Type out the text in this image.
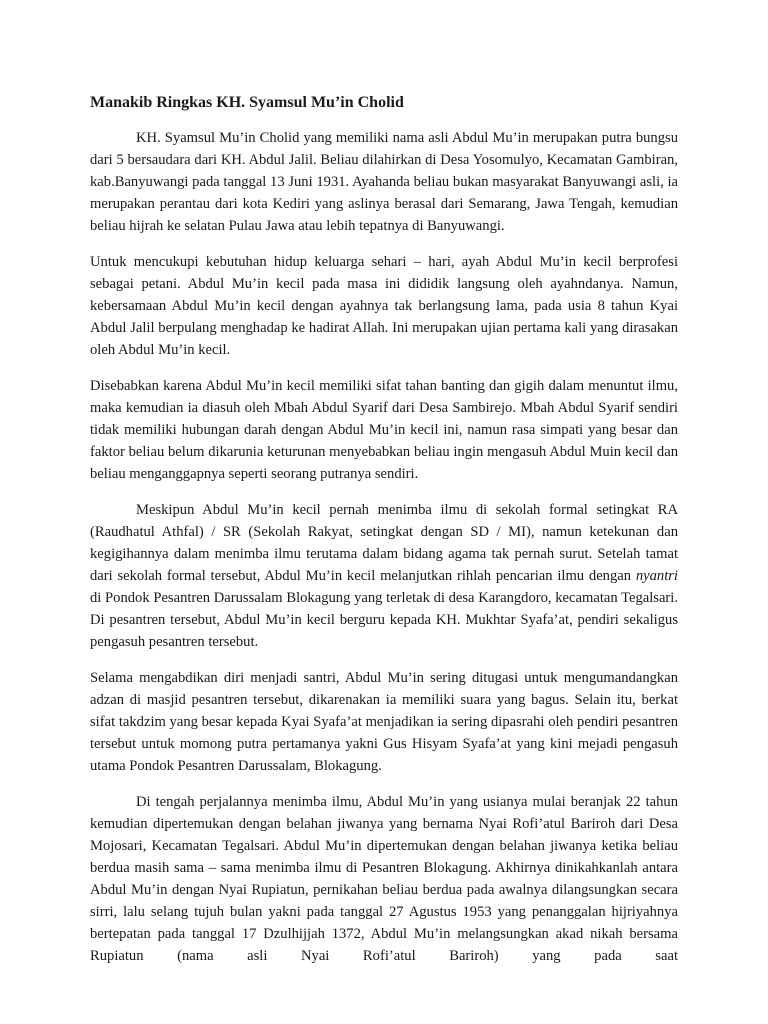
Manakib Ringkas KH. Syamsul Mu’in Cholid

KH. Syamsul Mu’in Cholid yang memiliki nama asli Abdul Mu’in merupakan putra bungsu dari 5 bersaudara dari KH. Abdul Jalil. Beliau dilahirkan di Desa Yosomulyo, Kecamatan Gambiran, kab.Banyuwangi pada tanggal 13 Juni 1931. Ayahanda beliau bukan masyarakat Banyuwangi asli, ia merupakan perantau dari kota Kediri yang aslinya berasal dari Semarang, Jawa Tengah, kemudian beliau hijrah ke selatan Pulau Jawa atau lebih tepatnya di Banyuwangi.

Untuk mencukupi kebutuhan hidup keluarga sehari – hari, ayah Abdul Mu’in kecil berprofesi sebagai petani. Abdul Mu’in kecil pada masa ini dididik langsung oleh ayahndanya. Namun, kebersamaan Abdul Mu’in kecil dengan ayahnya tak berlangsung lama, pada usia 8 tahun Kyai Abdul Jalil berpulang menghadap ke hadirat Allah. Ini merupakan ujian pertama kali yang dirasakan oleh Abdul Mu’in kecil.

Disebabkan karena Abdul Mu’in kecil memiliki sifat tahan banting dan gigih dalam menuntut ilmu, maka kemudian ia diasuh oleh Mbah Abdul Syarif dari Desa Sambirejo. Mbah Abdul Syarif sendiri tidak memiliki hubungan darah dengan Abdul Mu’in kecil ini, namun rasa simpati yang besar dan faktor beliau belum dikarunia keturunan menyebabkan beliau ingin mengasuh Abdul Muin kecil dan beliau menganggapnya seperti seorang putranya sendiri.

Meskipun Abdul Mu’in kecil pernah menimba ilmu di sekolah formal setingkat RA (Raudhatul Athfal) / SR (Sekolah Rakyat, setingkat dengan SD / MI), namun ketekunan dan kegigihannya dalam menimba ilmu terutama dalam bidang agama tak pernah surut. Setelah tamat dari sekolah formal tersebut, Abdul Mu’in kecil melanjutkan rihlah pencarian ilmu dengan nyantri di Pondok Pesantren Darussalam Blokagung yang terletak di desa Karangdoro, kecamatan Tegalsari. Di pesantren tersebut, Abdul Mu’in kecil berguru kepada KH. Mukhtar Syafa’at, pendiri sekaligus pengasuh pesantren tersebut.

Selama mengabdikan diri menjadi santri, Abdul Mu’in sering ditugasi untuk mengumandangkan adzan di masjid pesantren tersebut, dikarenakan ia memiliki suara yang bagus. Selain itu, berkat sifat takdzim yang besar kepada Kyai Syafa’at menjadikan ia sering dipasrahi oleh pendiri pesantren tersebut untuk momong putra pertamanya yakni Gus Hisyam Syafa’at yang kini mejadi pengasuh utama Pondok Pesantren Darussalam, Blokagung.

Di tengah perjalannya menimba ilmu, Abdul Mu’in yang usianya mulai beranjak 22 tahun kemudian dipertemukan dengan belahan jiwanya yang bernama Nyai Rofi’atul Bariroh dari Desa Mojosari, Kecamatan Tegalsari. Abdul Mu’in dipertemukan dengan belahan jiwanya ketika beliau berdua masih sama – sama menimba ilmu di Pesantren Blokagung. Akhirnya dinikahkanlah antara Abdul Mu’in dengan Nyai Rupiatun, pernikahan beliau berdua pada awalnya dilangsungkan secara sirri, lalu selang tujuh bulan yakni pada tanggal 27 Agustus 1953 yang penanggalan hijriyahnya bertepatan pada tanggal 17 Dzulhijjah 1372, Abdul Mu’in melangsungkan akad nikah bersama Rupiatun (nama asli Nyai Rofi’atul Bariroh) yang pada saat
